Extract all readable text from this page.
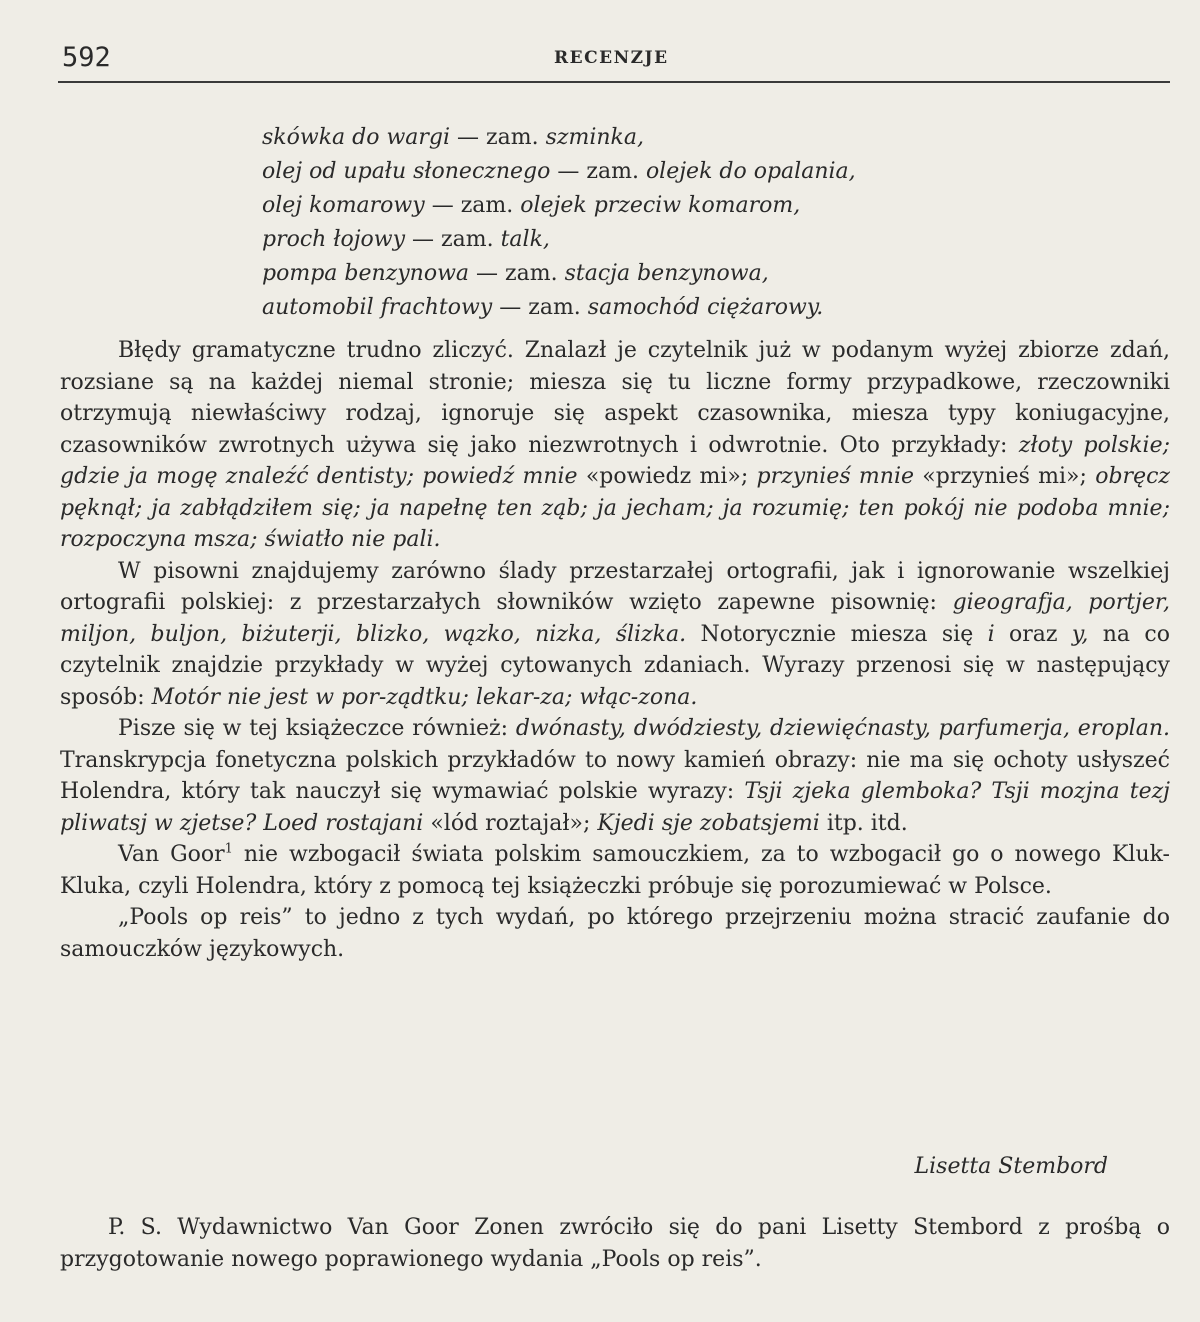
592	RECENZJE
skówka do wargi — zam. szminka,
olej od upału słonecznego — zam. olejek do opalania,
olej komarowy — zam. olejek przeciw komarom,
proch łojowy — zam. talk,
pompa benzynowa — zam. stacja benzynowa,
automobil frachtowy — zam. samochód ciężarowy.

Błędy gramatyczne trudno zliczyć. Znalazł je czytelnik już w podanym wyżej zbiorze zdań, rozsiane są na każdej niemal stronie; miesza się tu liczne formy przypadkowe, rzeczowniki otrzymują niewłaściwy rodzaj, ignoruje się aspekt czasownika, miesza typy koniugacyjne, czasowników zwrotnych używa się jako niezwrotnych i odwrotnie. Oto przykłady: złoty polskie; gdzie ja mogę znaleźć dentisty; powiedź mnie «powiedz mi»; przynieś mnie «przynieś mi»; obręcz pęknął; ja zabłądziłem się; ja napełnę ten ząb; ja jecham; ja rozumię; ten pokój nie podoba mnie; rozpoczyna msza; światło nie pali.

W pisowni znajdujemy zarówno ślady przestarzałej ortografii, jak i ignorowanie wszelkiej ortografii polskiej: z przestarzałych słowników wzięto zapewne pisownię: gieografja, portjer, miljon, buljon, biżuterji, blizko, wązko, nizka, ślizka. Notorycznie miesza się i oraz y, na co czytelnik znajdzie przykłady w wyżej cytowanych zdaniach. Wyrazy przenosi się w następujący sposób: Motór nie jest w por-ządtku; lekar-za; włąc-zona.

Pisze się w tej książeczce również: dwónasty, dwódziesty, dziewięćnasty, parfumerja, eroplan. Transkrypcja fonetyczna polskich przykładów to nowy kamień obrazy: nie ma się ochoty usłyszeć Holendra, który tak nauczył się wymawiać polskie wyrazy: Tsji zjeka glemboka? Tsji mozjna tezj pliwatsj w zjetse? Loed rostajani «lód roztajał»; Kjedi sje zobatsjemi itp. itd.

Van Goor$^1$ nie wzbogacił świata polskim samouczkiem, za to wzbogacił go o nowego Kluk-Kluka, czyli Holendra, który z pomocą tej książeczki próbuje się porozumiewać w Polsce.

„Pools op reis” to jedno z tych wydań, po którego przejrzeniu można stracić zaufanie do samouczków językowych.

Lisetta Stembord

P. S. Wydawnictwo Van Goor Zonen zwróciło się do pani Lisetty Stembord z prośbą o przygotowanie nowego poprawionego wydania „Pools op reis”.
